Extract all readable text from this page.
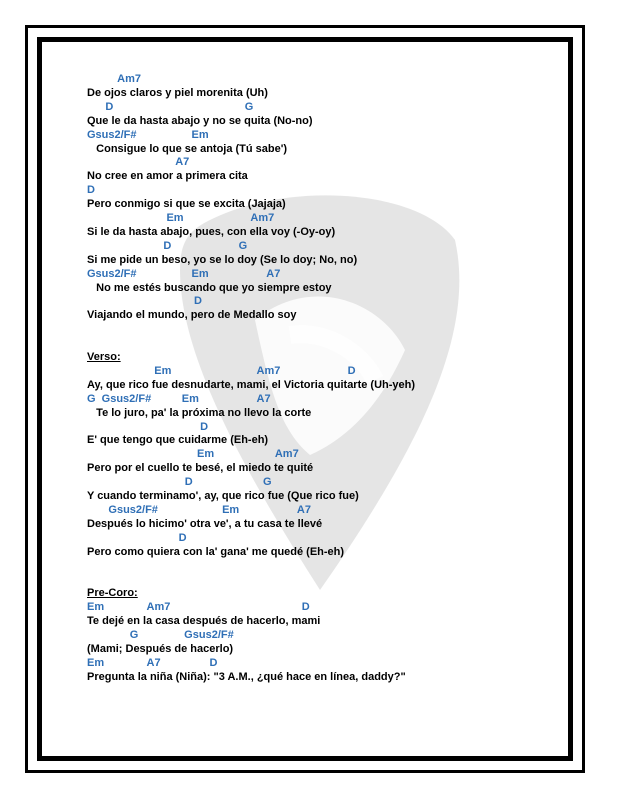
Am7
De ojos claros y piel morenita (Uh)
D                                           G
Que le da hasta abajo y no se quita (No-no)
Gsus2/F#                  Em
Consigue lo que se antoja (Tú sabe')
A7
No cree en amor a primera cita
D
Pero conmigo si que se excita (Jajaja)
Em                      Am7
Si le da hasta abajo, pues, con ella voy (-Oy-oy)
D                      G
Si me pide un beso, yo se lo doy (Se lo doy; No, no)
Gsus2/F#                  Em                   A7
No me estés buscando que yo siempre estoy
D
Viajando el mundo, pero de Medallo soy
Verso:
Em                            Am7                      D
Ay, que rico fue desnudarte, mami, el Victoria quitarte (Uh-yeh)
G  Gsus2/F#          Em                   A7
Te lo juro, pa' la próxima no llevo la corte
D
E' que tengo que cuidarme (Eh-eh)
Em                    Am7
Pero por el cuello te besé, el miedo te quité
D                       G
Y cuando terminamo', ay, que rico fue (Que rico fue)
Gsus2/F#                     Em                   A7
Después lo hicimo' otra ve', a tu casa te llevé
D
Pero como quiera con la' gana' me quedé (Eh-eh)
Pre-Coro:
Em              Am7                                           D
Te dejé en la casa después de hacerlo, mami
G               Gsus2/F#
(Mami; Después de hacerlo)
Em              A7                D
Pregunta la niña (Niña): "3 A.M., ¿qué hace en línea, daddy?"
